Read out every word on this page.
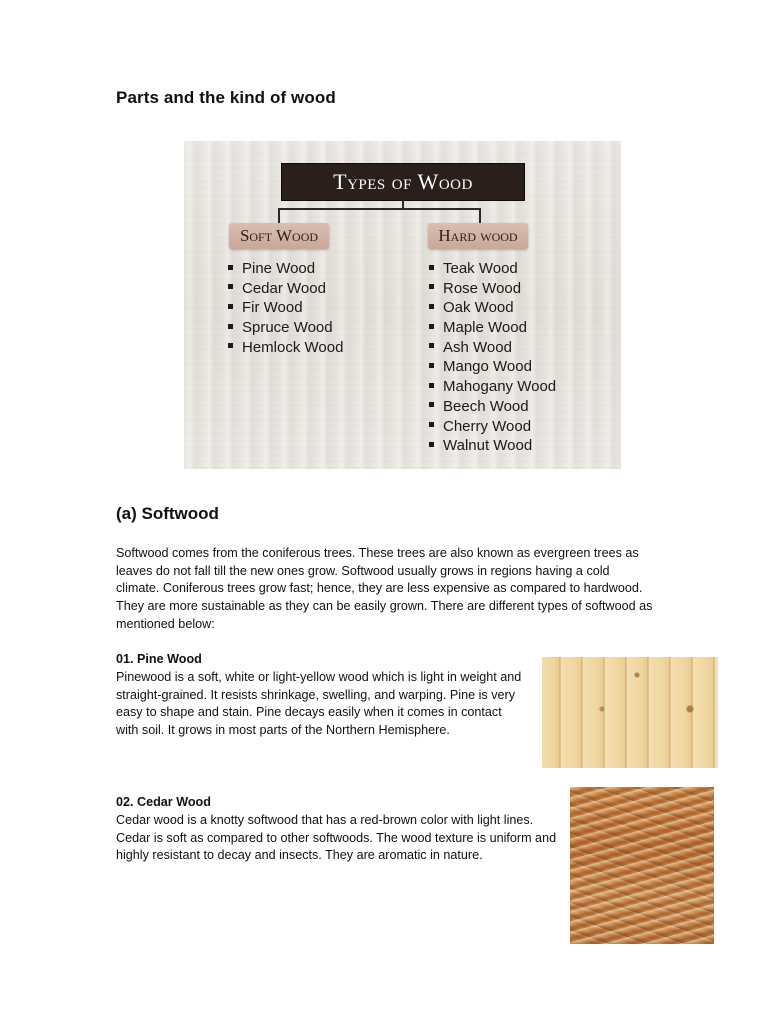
Parts and the kind of wood
Types of Wood
Soft Wood	Hard wood
Pine Wood
Cedar Wood
Fir Wood
Spruce Wood
Hemlock Wood
Teak Wood
Rose Wood
Oak Wood
Maple Wood
Ash Wood
Mango Wood
Mahogany Wood
Beech Wood
Cherry Wood
Walnut Wood
(a) Softwood

Softwood comes from the coniferous trees. These trees are also known as evergreen trees as leaves do not fall till the new ones grow. Softwood usually grows in regions having a cold climate. Coniferous trees grow fast; hence, they are less expensive as compared to hardwood. They are more sustainable as they can be easily grown. There are different types of softwood as mentioned below:

01. Pine Wood

Pinewood is a soft, white or light-yellow wood which is light in weight and straight-grained. It resists shrinkage, swelling, and warping. Pine is very easy to shape and stain. Pine decays easily when it comes in contact with soil. It grows in most parts of the Northern Hemisphere.

02. Cedar Wood

Cedar wood is a knotty softwood that has a red-brown color with light lines. Cedar is soft as compared to other softwoods. The wood texture is uniform and highly resistant to decay and insects. They are aromatic in nature.
